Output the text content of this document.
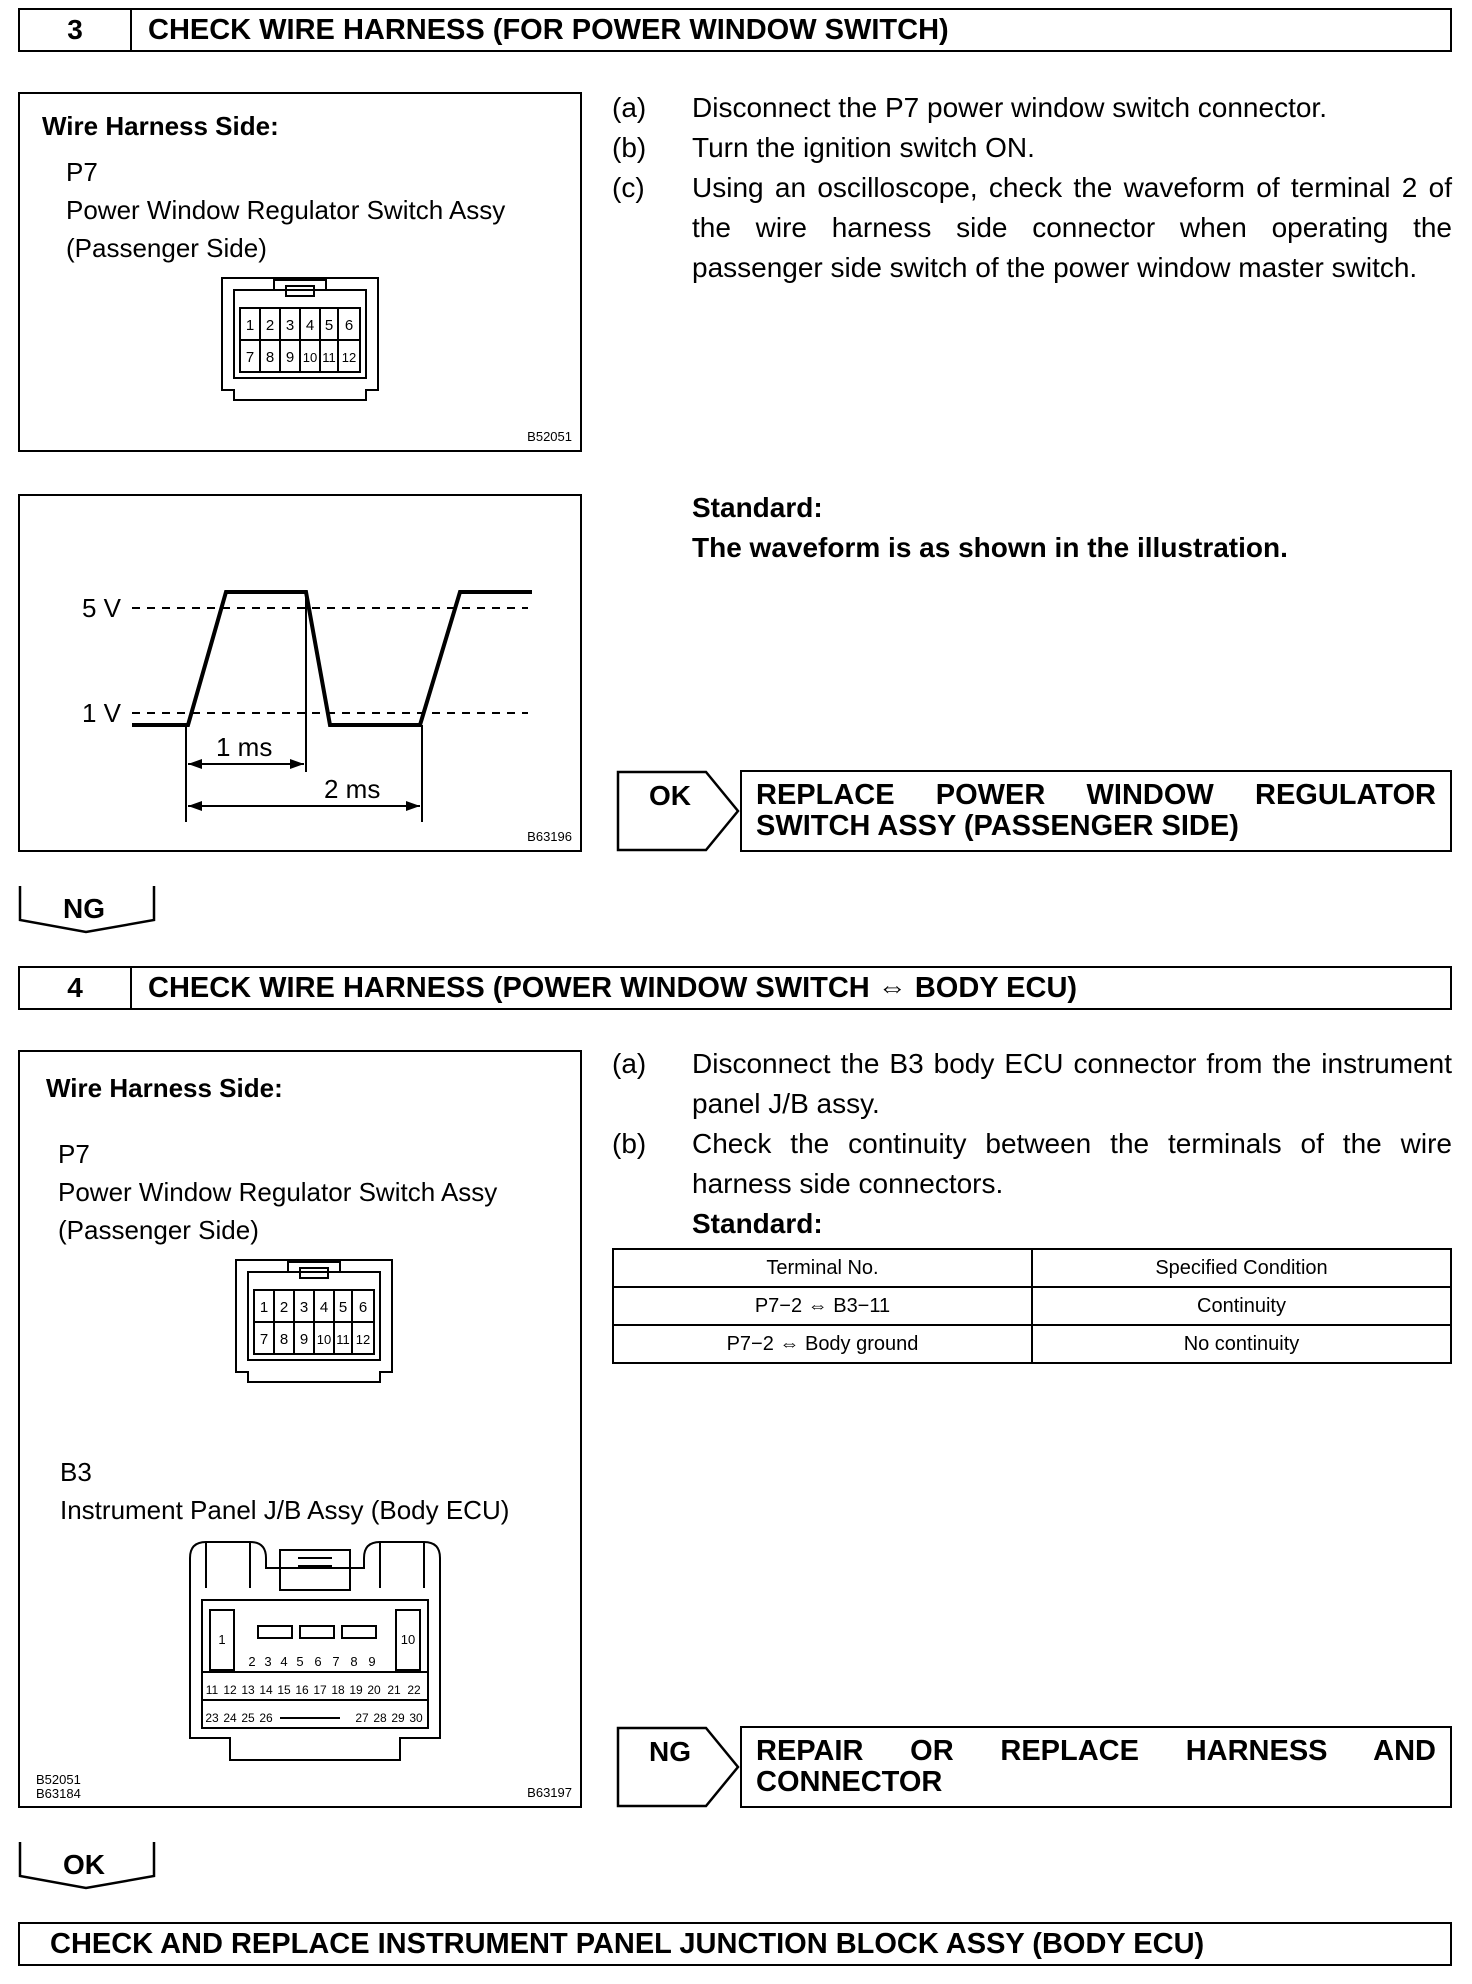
3	CHECK WIRE HARNESS (FOR POWER WINDOW SWITCH)
Wire Harness Side:
P7
Power Window Regulator Switch Assy
(Passenger Side)
1 2 3 4 5 6
7 8 9 10 11 12
B52051
(a)	Disconnect the P7 power window switch connector.
(b)	Turn the ignition switch ON.
(c)	Using an oscilloscope, check the waveform of terminal 2 of the wire harness side connector when operating the passenger side switch of the power window master switch.
5 V
1 V
1 ms
2 ms
B63196
Standard:
The waveform is as shown in the illustration.
OK REPLACE POWER WINDOW REGULATOR
SWITCH ASSY (PASSENGER SIDE)
NG
4	CHECK WIRE HARNESS (POWER WINDOW SWITCH ⇔ BODY ECU)
Wire Harness Side:
P7
Power Window Regulator Switch Assy
(Passenger Side)
1 2 3 4 5 6
7 8 9 10 11 12
B3
Instrument Panel J/B Assy (Body ECU)
1	10
2 3 4 5 6 7 8 9
11 12 13 14 15 16 17 18 19 20 21 22
23 24 25 26	27 28 29 30
B52051
B63184	B63197
(a)	Disconnect the B3 body ECU connector from the instrument panel J/B assy.
(b)	Check the continuity between the terminals of the wire harness side connectors.
Standard:
Terminal No.	Specified Condition
P7−2 ⇔ B3−11	Continuity
P7−2 ⇔ Body ground	No continuity
NG REPAIR OR REPLACE HARNESS AND
CONNECTOR
OK
CHECK AND REPLACE INSTRUMENT PANEL JUNCTION BLOCK ASSY (BODY ECU)
